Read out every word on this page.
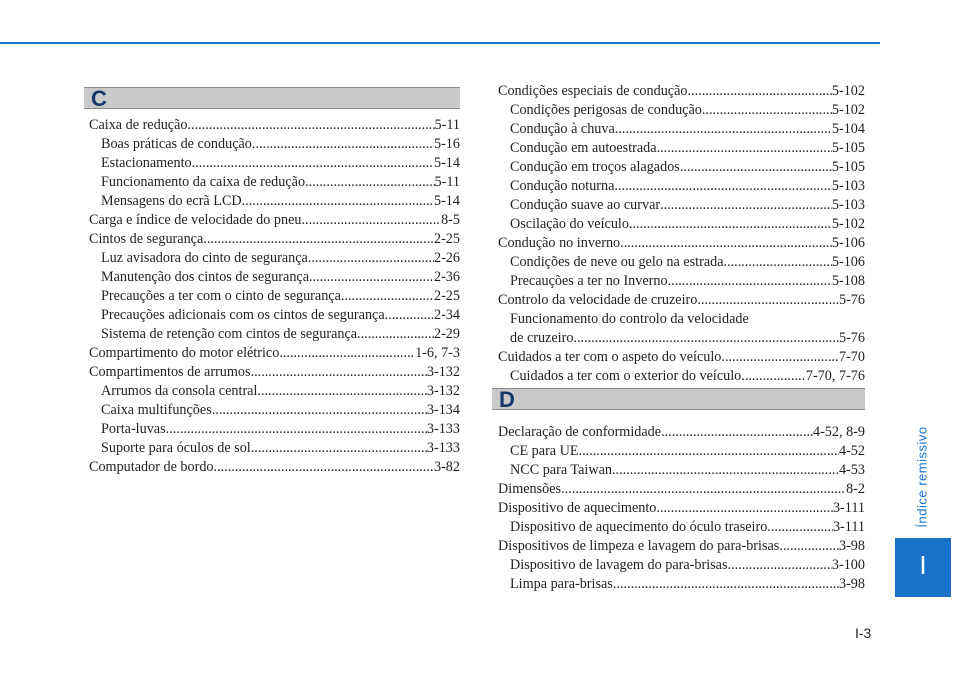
C
Caixa de redução .....	5-11
Boas práticas de condução .....	5-16
Estacionamento .....	5-14
Funcionamento da caixa de redução .....	5-11
Mensagens do ecrã LCD .....	5-14
Carga e índice de velocidade do pneu .....	8-5
Cintos de segurança .....	2-25
Luz avisadora do cinto de segurança .....	2-26
Manutenção dos cintos de segurança .....	2-36
Precauções a ter com o cinto de segurança .....	2-25
Precauções adicionais com os cintos de segurança .....	2-34
Sistema de retenção com cintos de segurança .....	2-29
Compartimento do motor elétrico .....	1-6, 7-3
Compartimentos de arrumos .....	3-132
Arrumos da consola central .....	3-132
Caixa multifunções .....	3-134
Porta-luvas .....	3-133
Suporte para óculos de sol .....	3-133
Computador de bordo .....	3-82
Condições especiais de condução .....	5-102
Condições perigosas de condução .....	5-102
Condução à chuva .....	5-104
Condução em autoestrada .....	5-105
Condução em troços alagados .....	5-105
Condução noturna .....	5-103
Condução suave ao curvar .....	5-103
Oscilação do veículo .....	5-102
Condução no inverno .....	5-106
Condições de neve ou gelo na estrada .....	5-106
Precauções a ter no Inverno .....	5-108
Controlo da velocidade de cruzeiro .....	5-76
Funcionamento do controlo da velocidade
de cruzeiro .....	5-76
Cuidados a ter com o aspeto do veículo .....	7-70
Cuidados a ter com o exterior do veículo .....	7-70, 7-76
D
Declaração de conformidade .....	4-52, 8-9
CE para UE .....	4-52
NCC para Taiwan .....	4-53
Dimensões .....	8-2
Dispositivo de aquecimento .....	3-111
Dispositivo de aquecimento do óculo traseiro .....	3-111
Dispositivos de limpeza e lavagem do para-brisas .....	3-98
Dispositivo de lavagem do para-brisas .....	3-100
Limpa para-brisas .....	3-98
Índice remissivo
I
I-3
